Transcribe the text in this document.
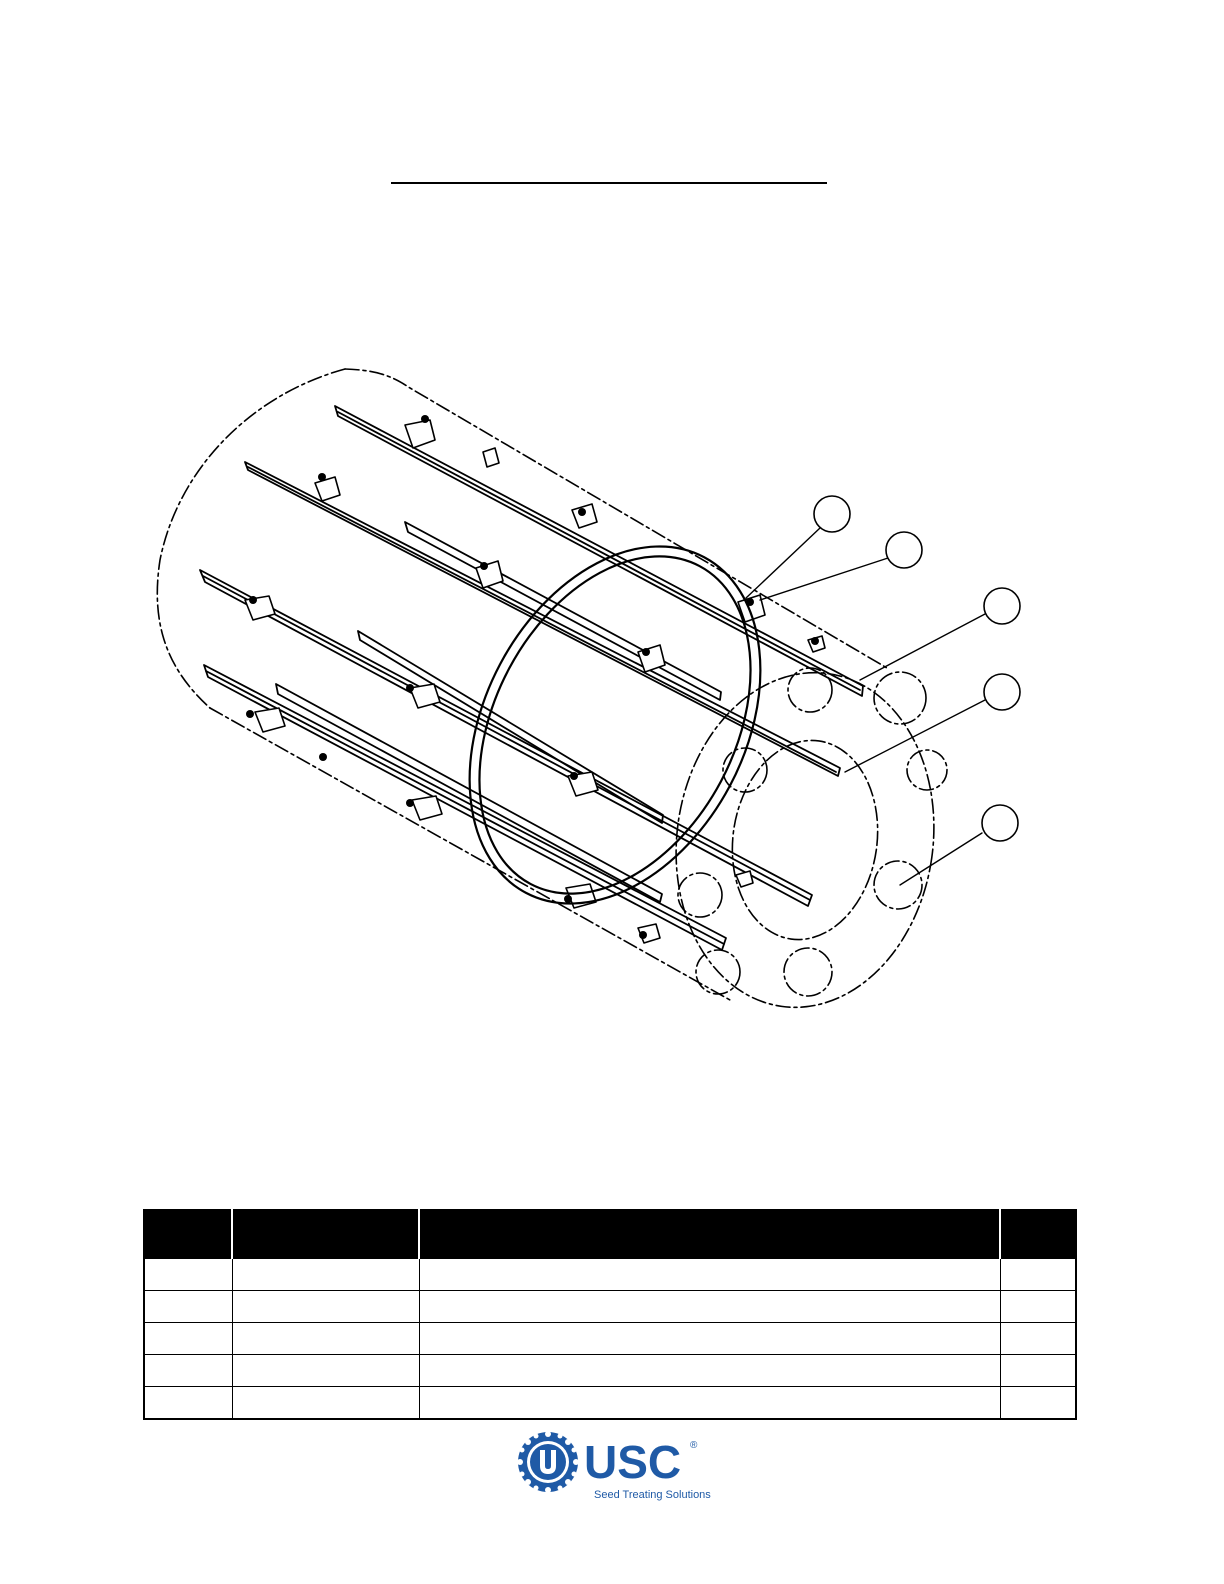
USC ®
Seed Treating Solutions
